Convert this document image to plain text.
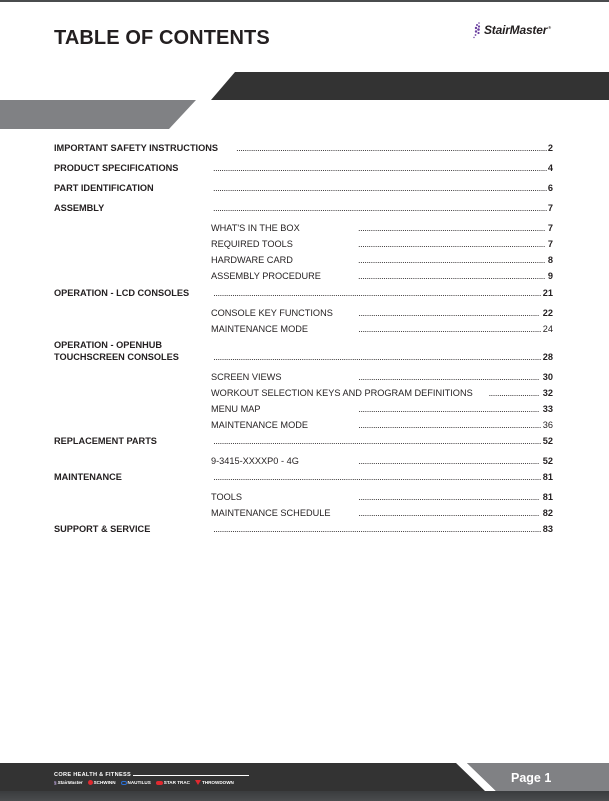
TABLE OF CONTENTS	StairMaster®
IMPORTANT SAFETY INSTRUCTIONS .....	2
PRODUCT SPECIFICATIONS .....	4
PART IDENTIFICATION .....	6
ASSEMBLY .....	7
WHAT'S IN THE BOX .....	7
REQUIRED TOOLS .....	7
HARDWARE CARD .....	8
ASSEMBLY PROCEDURE .....	9
OPERATION - LCD CONSOLES .....	21
CONSOLE KEY FUNCTIONS .....	22
MAINTENANCE MODE .....	24
OPERATION - OPENHUB
TOUCHSCREEN CONSOLES .....	28
SCREEN VIEWS .....	30
WORKOUT SELECTION KEYS AND PROGRAM DEFINITIONS .....	32
MENU MAP .....	33
MAINTENANCE MODE .....	36
REPLACEMENT PARTS .....	52
9-3415-XXXXP0 - 4G .....	52
MAINTENANCE .....	81
TOOLS .....	81
MAINTENANCE SCHEDULE .....	82
SUPPORT & SERVICE .....	83
Page 1
CORE HEALTH & FITNESS
§ StairMaster SCHWINN	NAUTILUS	STAR TRAC	THROWDOWN
